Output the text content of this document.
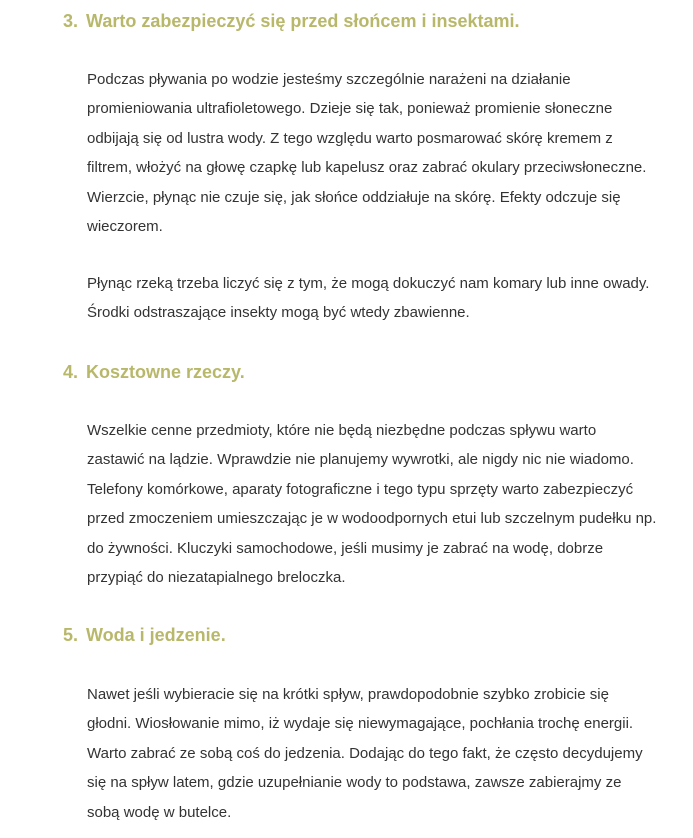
3. Warto zabezpieczyć się przed słońcem i insektami.

Podczas pływania po wodzie jesteśmy szczególnie narażeni na działanie promieniowania ultrafioletowego. Dzieje się tak, ponieważ promienie słoneczne odbijają się od lustra wody. Z tego względu warto posmarować skórę kremem z filtrem, włożyć na głowę czapkę lub kapelusz oraz zabrać okulary przeciwsłoneczne. Wierzcie, płynąc nie czuje się, jak słońce oddziałuje na skórę. Efekty odczuje się wieczorem.

Płynąc rzeką trzeba liczyć się z tym, że mogą dokuczyć nam komary lub inne owady. Środki odstraszające insekty mogą być wtedy zbawienne.

4. Kosztowne rzeczy.

Wszelkie cenne przedmioty, które nie będą niezbędne podczas spływu warto zastawić na lądzie. Wprawdzie nie planujemy wywrotki, ale nigdy nic nie wiadomo. Telefony komórkowe, aparaty fotograficzne i tego typu sprzęty warto zabezpieczyć przed zmoczeniem umieszczając je w wodoodpornych etui lub szczelnym pudełku np. do żywności. Kluczyki samochodowe, jeśli musimy je zabrać na wodę, dobrze przypiąć do niezatapialnego breloczka.

5. Woda i jedzenie.

Nawet jeśli wybieracie się na krótki spływ, prawdopodobnie szybko zrobicie się głodni. Wiosłowanie mimo, iż wydaje się niewymagające, pochłania trochę energii. Warto zabrać ze sobą coś do jedzenia. Dodając do tego fakt, że często decydujemy się na spływ latem, gdzie uzupełnianie wody to podstawa, zawsze zabierajmy ze sobą wodę w butelce.
